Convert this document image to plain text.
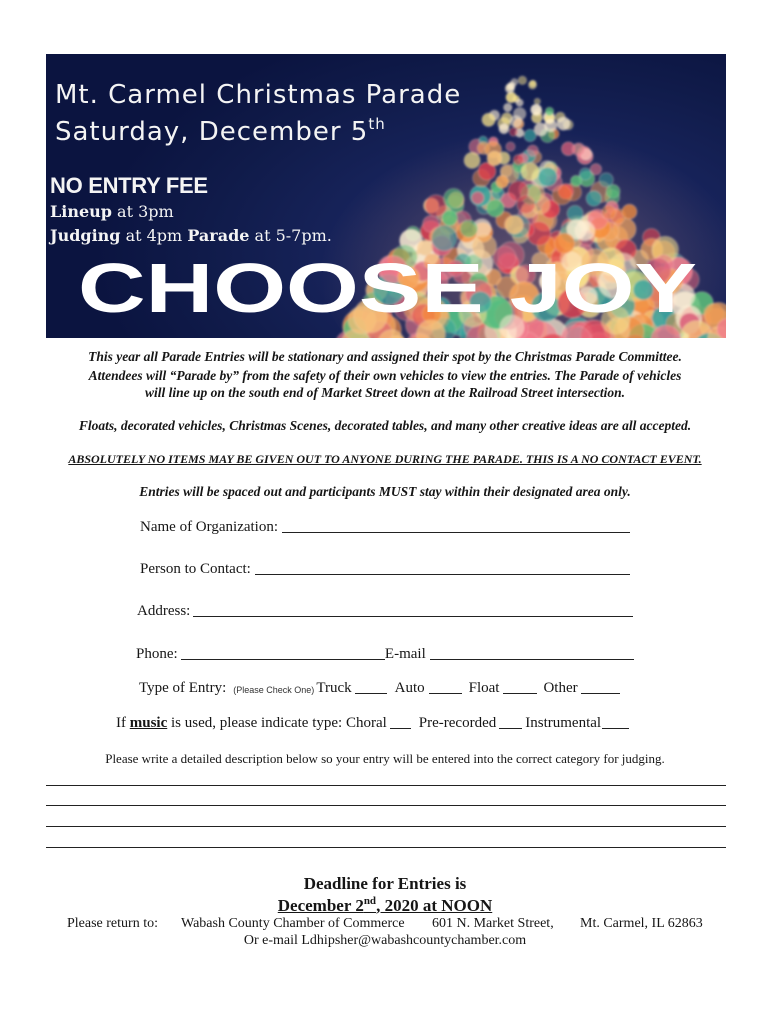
CHOOSE JOY
Mt. Carmel Christmas Parade
Saturday, December 5th
NO ENTRY FEE
Lineup at 3pm
Judging at 4pm Parade at 5-7pm.
This year all Parade Entries will be stationary and assigned their spot by the Christmas Parade Committee.
Attendees will “Parade by” from the safety of their own vehicles to view the entries. The Parade of vehicles
will line up on the south end of Market Street down at the Railroad Street intersection.
Floats, decorated vehicles, Christmas Scenes, decorated tables, and many other creative ideas are all accepted.
ABSOLUTELY NO ITEMS MAY BE GIVEN OUT TO ANYONE DURING THE PARADE. THIS IS A NO CONTACT EVENT.
Entries will be spaced out and participants MUST stay within their designated area only.
Name of Organization:
Person to Contact:
Address:
Phone:	E-mail
Type of Entry: (Please Check One) Truck	Auto	Float	Other
If music is used, please indicate type: Choral Pre-recorded Instrumental
Please write a detailed description below so your entry will be entered into the correct category for judging.
Deadline for Entries is
December 2nd, 2020 at NOON
Please return to: Wabash County Chamber of Commerce 601 N. Market Street, Mt. Carmel, IL 62863
Or e-mail Ldhipsher@wabashcountychamber.com
